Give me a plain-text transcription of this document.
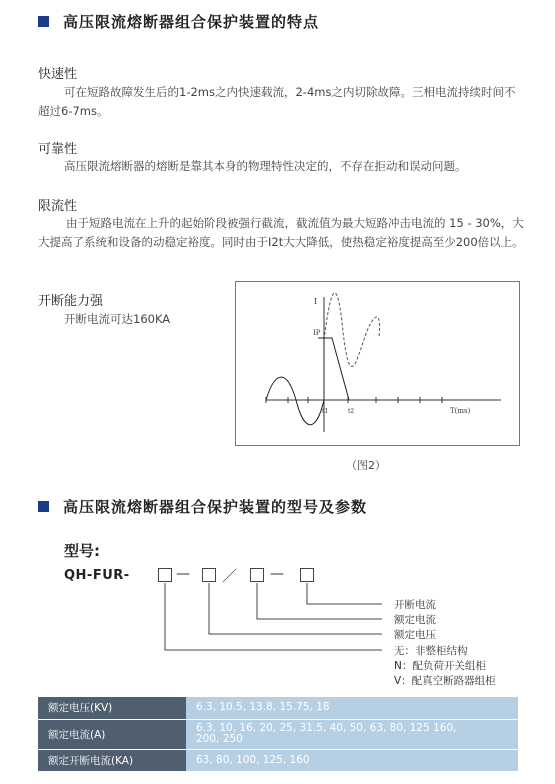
高压限流熔断器组合保护装置的特点
快速性
可在短路故障发生后的1-2ms之内快速载流，2-4ms之内切除故障。三相电流持续时间不超过6-7ms。
可靠性
高压限流熔断器的熔断是靠其本身的物理特性决定的，不存在拒动和误动问题。
限流性
由于短路电流在上升的起始阶段被强行截流，截流值为最大短路冲击电流的 15 - 30%，大大提高了系统和设备的动稳定裕度。同时由于I2t大大降低，使热稳定裕度提高至少200倍以上。
开断能力强
开断电流可达160KA
I
IP
t1	t2	T(ms)
（图2）
高压限流熔断器组合保护装置的型号及参数
型号:
QH-FUR-	— ／ —
开断电流
额定电流
额定电压
无：非整柜结构
N：配负荷开关组柜
V：配真空断路器组柜
额定电压(KV)	6.3, 10.5, 13.8, 15.75, 18
额定电流(A)	6.3, 10, 16, 20, 25, 31.5, 40, 50, 63, 80, 125 160, 200, 250
额定开断电流(KA)	63, 80, 100, 125, 160
